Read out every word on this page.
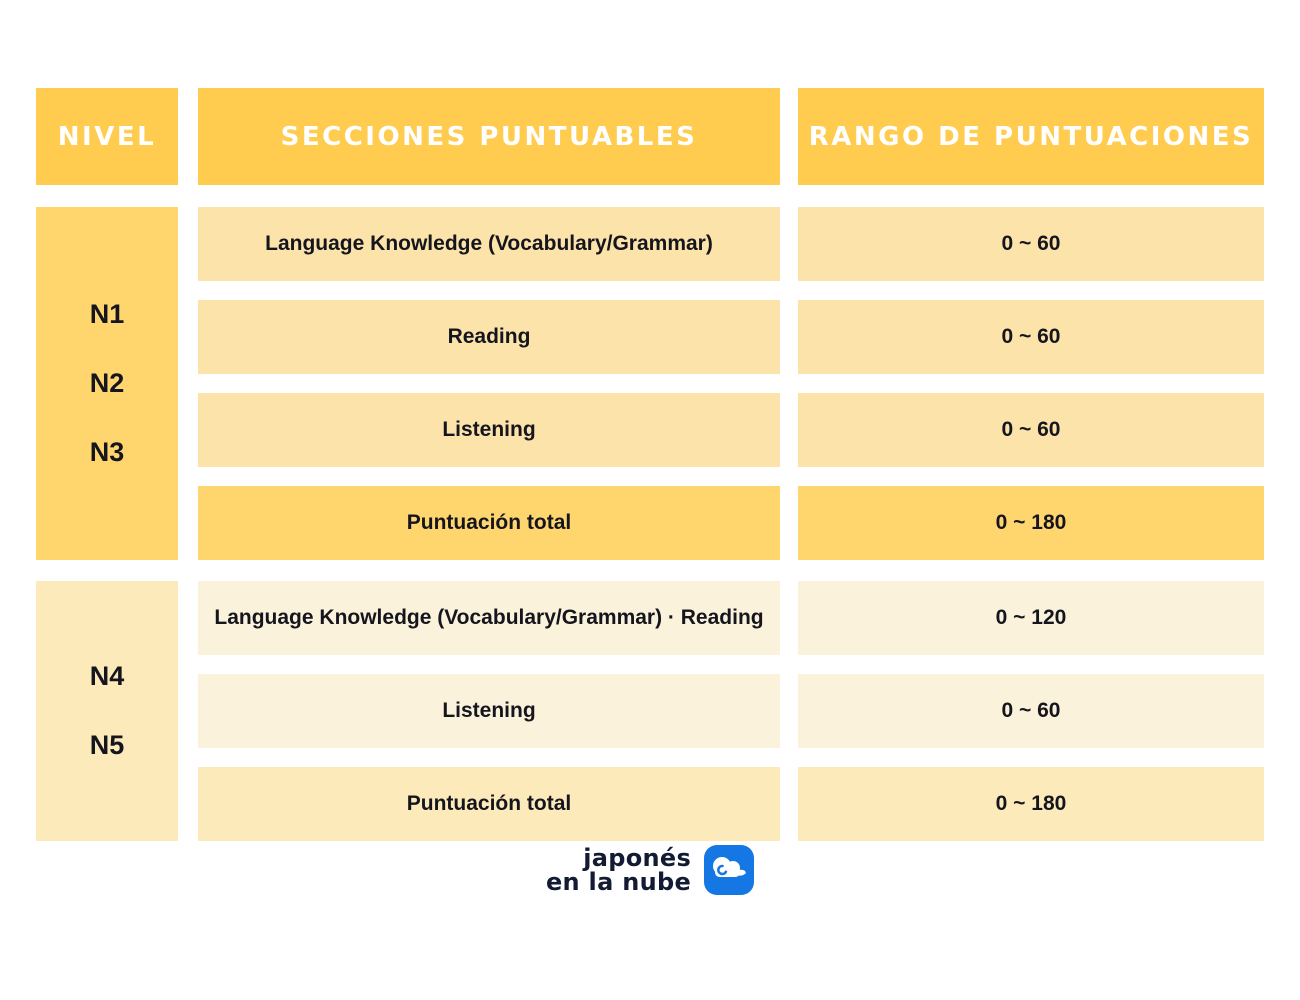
NIVEL	SECCIONES PUNTUABLES	RANGO DE PUNTUACIONES
N1
N2
N3
Language Knowledge (Vocabulary/Grammar)	0 ~ 60
Reading	0 ~ 60
Listening	0 ~ 60
Puntuación total	0 ~ 180
N4
N5
Language Knowledge (Vocabulary/Grammar) · Reading	0 ~ 120
Listening	0 ~ 60
Puntuación total	0 ~ 180
japonés
en la nube
